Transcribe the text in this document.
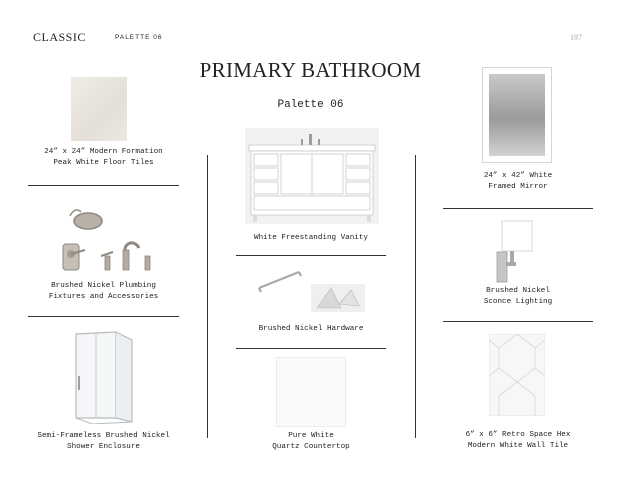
CLASSIC	PALETTE 06	197
PRIMARY BATHROOM
Palette 06
24” x 24” Modern Formation
Peak White Floor Tiles
Brushed Nickel Plumbing
Fixtures and Accessories
Semi-Frameless Brushed Nickel
Shower Enclosure
White Freestanding Vanity
Brushed Nickel Hardware
Pure White
Quartz Countertop
24” x 42” White
Framed Mirror
Brushed Nickel
Sconce Lighting
6” x 6” Retro Space Hex
Modern White Wall Tile
